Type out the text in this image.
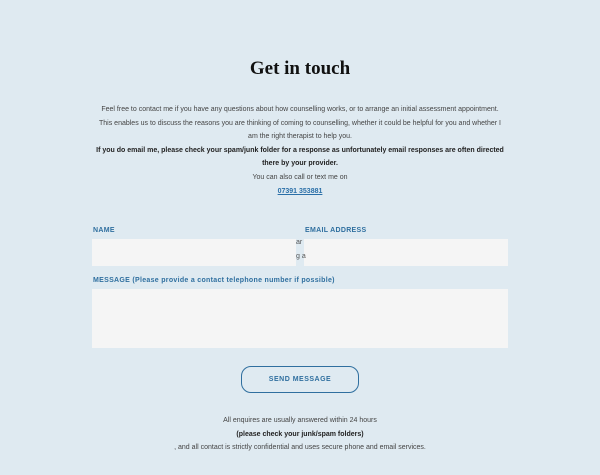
Get in touch

Feel free to contact me if you have any questions about how counselling works, or to arrange an initial assessment appointment. This enables us to discuss the reasons you are thinking of coming to counselling, whether it could be helpful for you and whether I am the right therapist to help you.

If you do email me, please check your spam/junk folder for a response as unfortunately email responses are often directed there by your provider.

You can also call or text me on

07391 353881
NAME	EMAIL ADDRESS
ar
g a
MESSAGE (Please provide a contact telephone number if possible)
SEND MESSAGE
All enquires are usually answered within 24 hours
(please check your junk/spam folders)
, and all contact is strictly confidential and uses secure phone and email services.
